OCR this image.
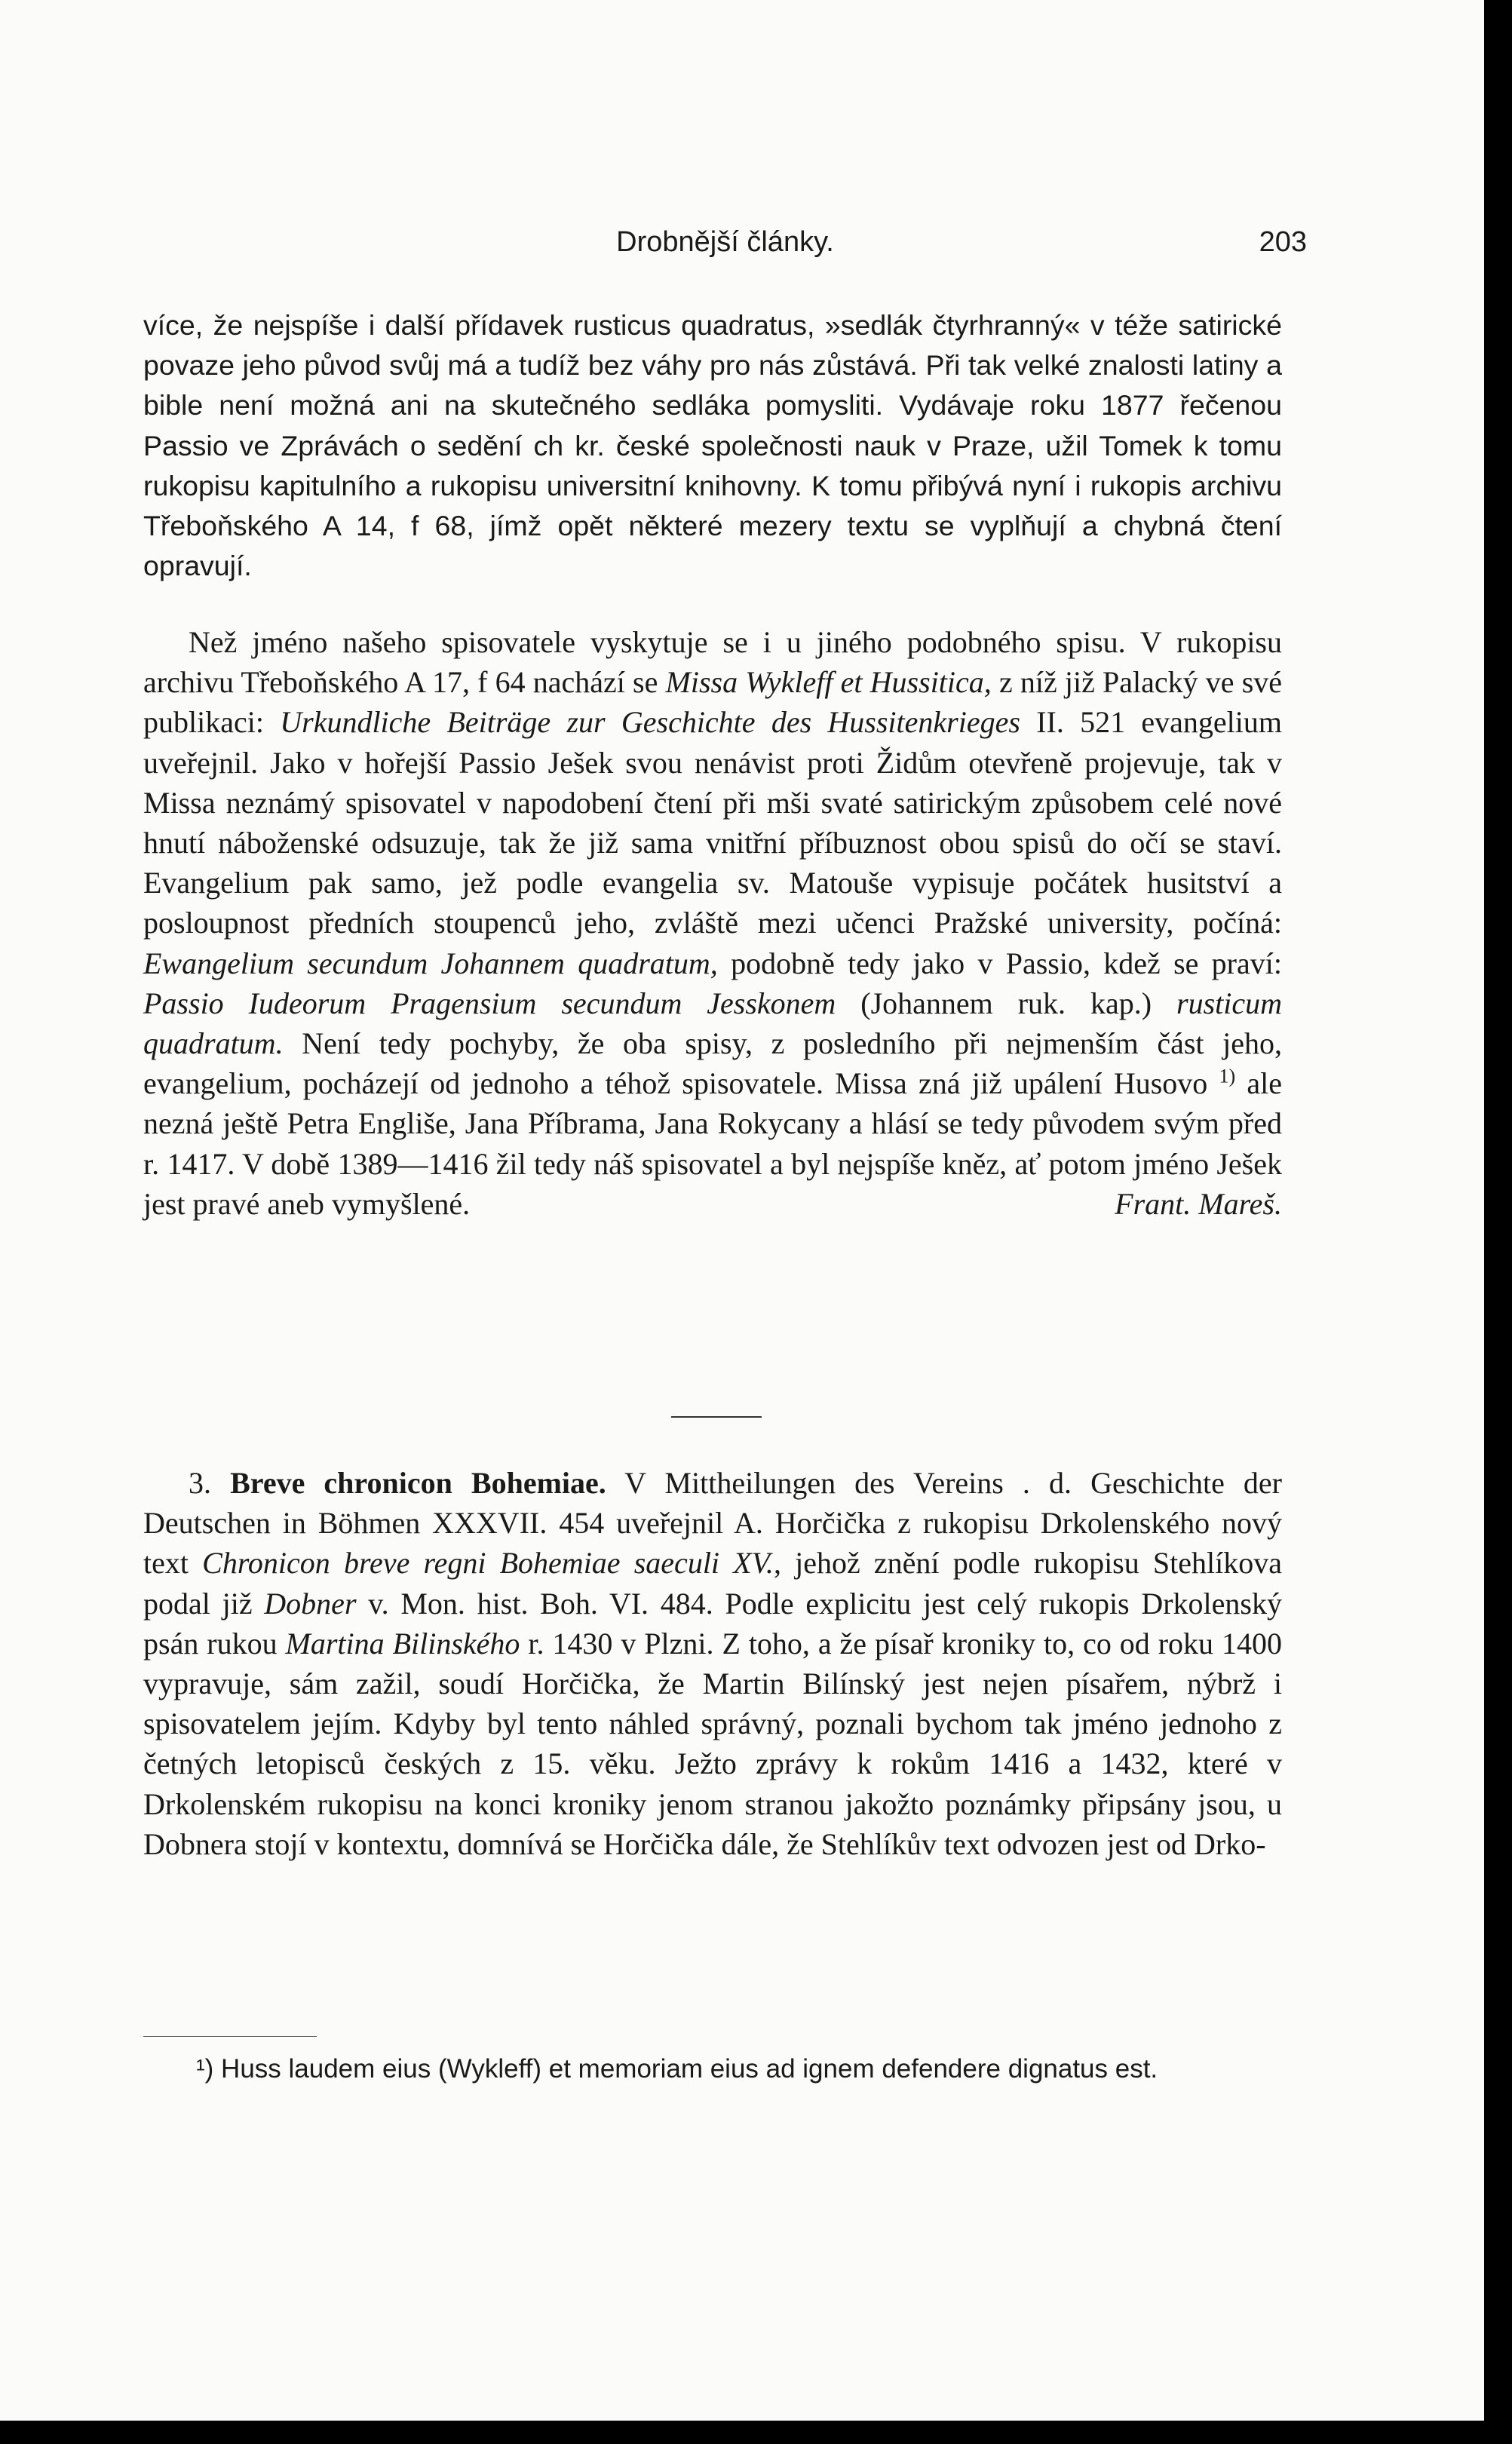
Drobnější články.	203

více, že nejspíše i další přídavek rusticus quadratus, »sedlák čtyrhranný« v téže satirické povaze jeho původ svůj má a tudíž bez váhy pro nás zůstává. Při tak velké znalosti latiny a bible není možná ani na skutečného sedláka pomysliti. Vydávaje roku 1877 řečenou Passio ve Zprávách o sedění ch kr. české společnosti nauk v Praze, užil Tomek k tomu rukopisu kapitulního a rukopisu universitní knihovny. K tomu přibývá nyní i rukopis archivu Třeboňského A 14, f 68, jímž opět některé mezery textu se vyplňují a chybná čtení opravují.

Než jméno našeho spisovatele vyskytuje se i u jiného podobného spisu. V rukopisu archivu Třeboňského A 17, f 64 nachází se Missa Wykleff et Hussitica, z níž již Palacký ve své publikaci: Urkundliche Beiträge zur Geschichte des Hussitenkrieges II. 521 evangelium uveřejnil. Jako v hořejší Passio Ješek svou nenávist proti Židům otevřeně projevuje, tak v Missa neznámý spisovatel v napodobení čtení při mši svaté satirickým způsobem celé nové hnutí náboženské odsuzuje, tak že již sama vnitřní příbuznost obou spisů do očí se staví. Evangelium pak samo, jež podle evangelia sv. Matouše vypisuje počátek husitství a posloupnost předních stoupenců jeho, zvláště mezi učenci Pražské university, počíná: Ewangelium secundum Johannem quadratum, podobně tedy jako v Passio, kdež se praví: Passio Iudeorum Pragensium secundum Jesskonem (Johannem ruk. kap.) rusticum quadratum. Není tedy pochyby, že oba spisy, z posledního při nejmenším část jeho, evangelium, pocházejí od jednoho a téhož spisovatele. Missa zná již upálení Husovo $^{1)}$ ale nezná ještě Petra Engliše, Jana Příbrama, Jana Rokycany a hlásí se tedy původem svým před r. 1417. V době 1389—1416 žil tedy náš spisovatel a byl nejspíše kněz, ať potom jméno Ješek jest pravé aneb vymyšlené.	Frant. Mareš.

3. Breve chronicon Bohemiae. V Mittheilungen des Vereins . d. Geschichte der Deutschen in Böhmen XXXVII. 454 uveřejnil A. Horčička z rukopisu Drkolenského nový text Chronicon breve regni Bohemiae saeculi XV., jehož znění podle rukopisu Stehlíkova podal již Dobner v. Mon. hist. Boh. VI. 484. Podle explicitu jest celý rukopis Drkolenský psán rukou Martina Bilinského r. 1430 v Plzni. Z toho, a že písař kroniky to, co od roku 1400 vypravuje, sám zažil, soudí Horčička, že Martin Bilínský jest nejen písařem, nýbrž i spisovatelem jejím. Kdyby byl tento náhled správný, poznali bychom tak jméno jednoho z četných letopisců českých z 15. věku. Ježto zprávy k rokům 1416 a 1432, které v Drkolenském rukopisu na konci kroniky jenom stranou jakožto poznámky připsány jsou, u Dobnera stojí v kontextu, domnívá se Horčička dále, že Stehlíkův text odvozen jest od Drko-

¹) Huss laudem eius (Wykleff) et memoriam eius ad ignem defendere dignatus est.
